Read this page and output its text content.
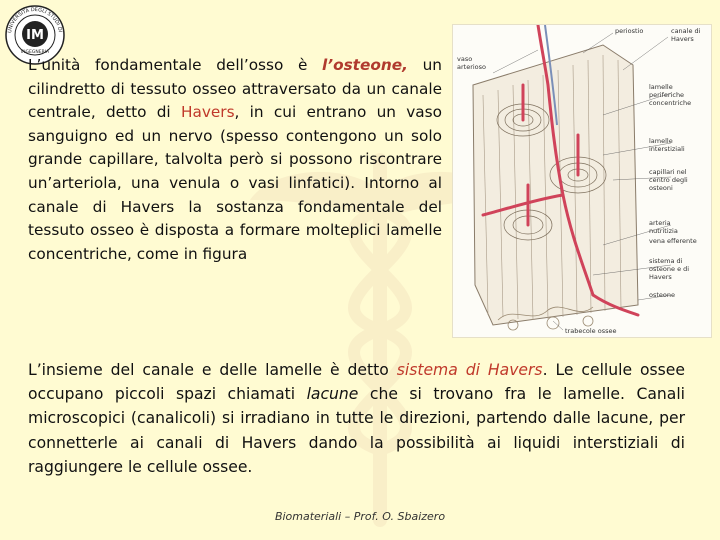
UNIVERSITÀ DEGLI STUDI DI
IM
INGEGNERIA

L’unità fondamentale dell’osso è l’osteone, un cilindretto di tessuto osseo attraversato da un canale centrale, detto di Havers, in cui entrano un vaso sanguigno ed un nervo (spesso contengono un solo grande capillare, talvolta però si possono riscontrare un’arteriola, una venula o vasi linfatici). Intorno al canale di Havers la sostanza fondamentale del tessuto osseo è disposta a formare molteplici lamelle concentriche, come in figura

periostio	canale di Havers
vaso arterioso
lamelle periferiche concentriche
lamelle interstiziali
capillari nel centro degli osteoni
arteria nutritizia
vena efferente
sistema di osteone e di Havers
osteone
trabecole ossee

L’insieme del canale e delle lamelle è detto sistema di Havers. Le cellule ossee occupano piccoli spazi chiamati lacune che si trovano fra le lamelle. Canali microscopici (canalicoli) si irradiano in tutte le direzioni, partendo dalle lacune, per connetterle ai canali di Havers dando la possibilità ai liquidi interstiziali di raggiungere le cellule ossee.

Biomateriali – Prof. O. Sbaizero
